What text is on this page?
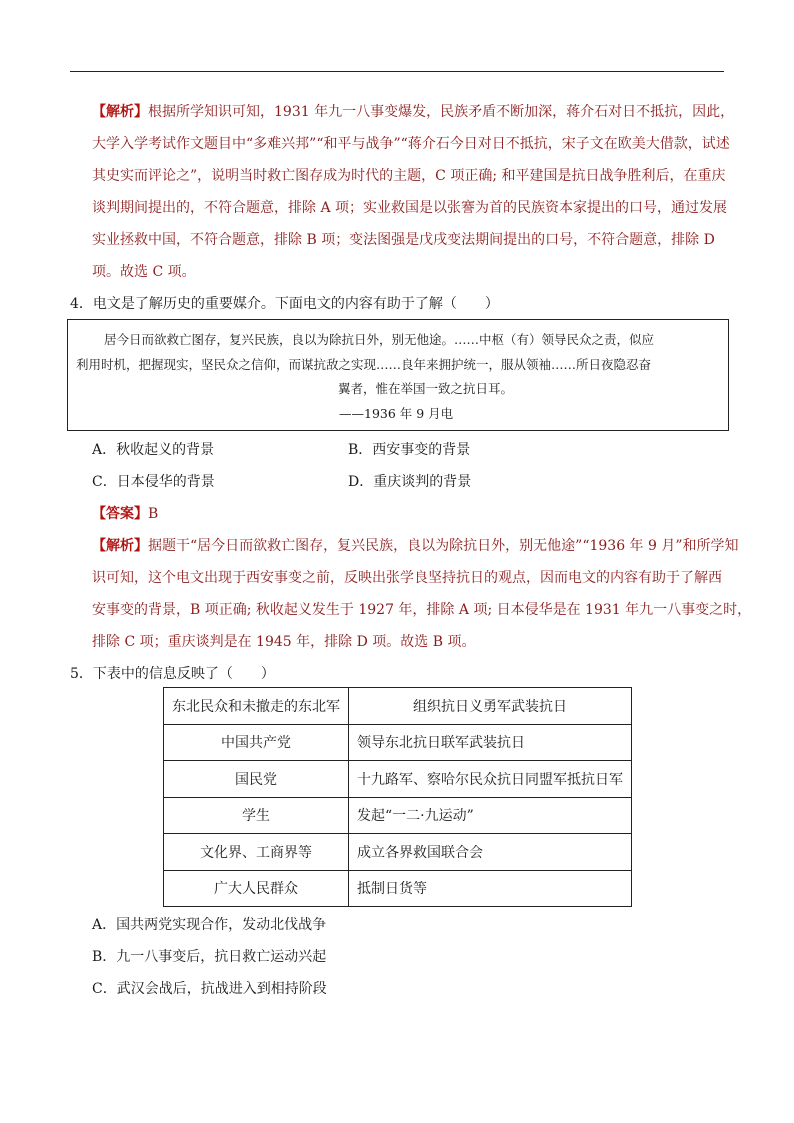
【解析】根据所学知识可知，1931 年九一八事变爆发，民族矛盾不断加深，蒋介石对日不抵抗，因此，
大学入学考试作文题目中“多难兴邦”“和平与战争”“蒋介石今日对日不抵抗，宋子文在欧美大借款，试述
其史实而评论之”，说明当时救亡图存成为时代的主题，C 项正确; 和平建国是抗日战争胜利后，在重庆
谈判期间提出的，不符合题意，排除 A 项；实业救国是以张謇为首的民族资本家提出的口号，通过发展
实业拯救中国，不符合题意，排除 B 项；变法图强是戊戌变法期间提出的口号，不符合题意，排除 D
项。故选 C 项。
4．电文是了解历史的重要媒介。下面电文的内容有助于了解（　　）
居今日而欲救亡图存，复兴民族，良以为除抗日外，别无他途。……中枢（有）领导民众之责，似应
利用时机，把握现实，坚民众之信仰，而谋抗敌之实现……良年来拥护统一，服从领袖……所日夜隐忍奋
翼者，惟在举国一致之抗日耳。
——1936 年 9 月电
A．秋收起义的背景	B．西安事变的背景
C．日本侵华的背景	D．重庆谈判的背景
【答案】B
【解析】据题干“居今日而欲救亡图存，复兴民族，良以为除抗日外，别无他途”“1936 年 9 月”和所学知
识可知，这个电文出现于西安事变之前，反映出张学良坚持抗日的观点，因而电文的内容有助于了解西
安事变的背景，B 项正确; 秋收起义发生于 1927 年，排除 A 项; 日本侵华是在 1931 年九一八事变之时，
排除 C 项；重庆谈判是在 1945 年，排除 D 项。故选 B 项。
5．下表中的信息反映了（　　）
东北民众和未撤走的东北军	组织抗日义勇军武装抗日
中国共产党	领导东北抗日联军武装抗日
国民党	十九路军、察哈尔民众抗日同盟军抵抗日军
学生	发起“一二·九运动”
文化界、工商界等	成立各界救国联合会
广大人民群众	抵制日货等
A．国共两党实现合作，发动北伐战争
B．九一八事变后，抗日救亡运动兴起
C．武汉会战后，抗战进入到相持阶段
